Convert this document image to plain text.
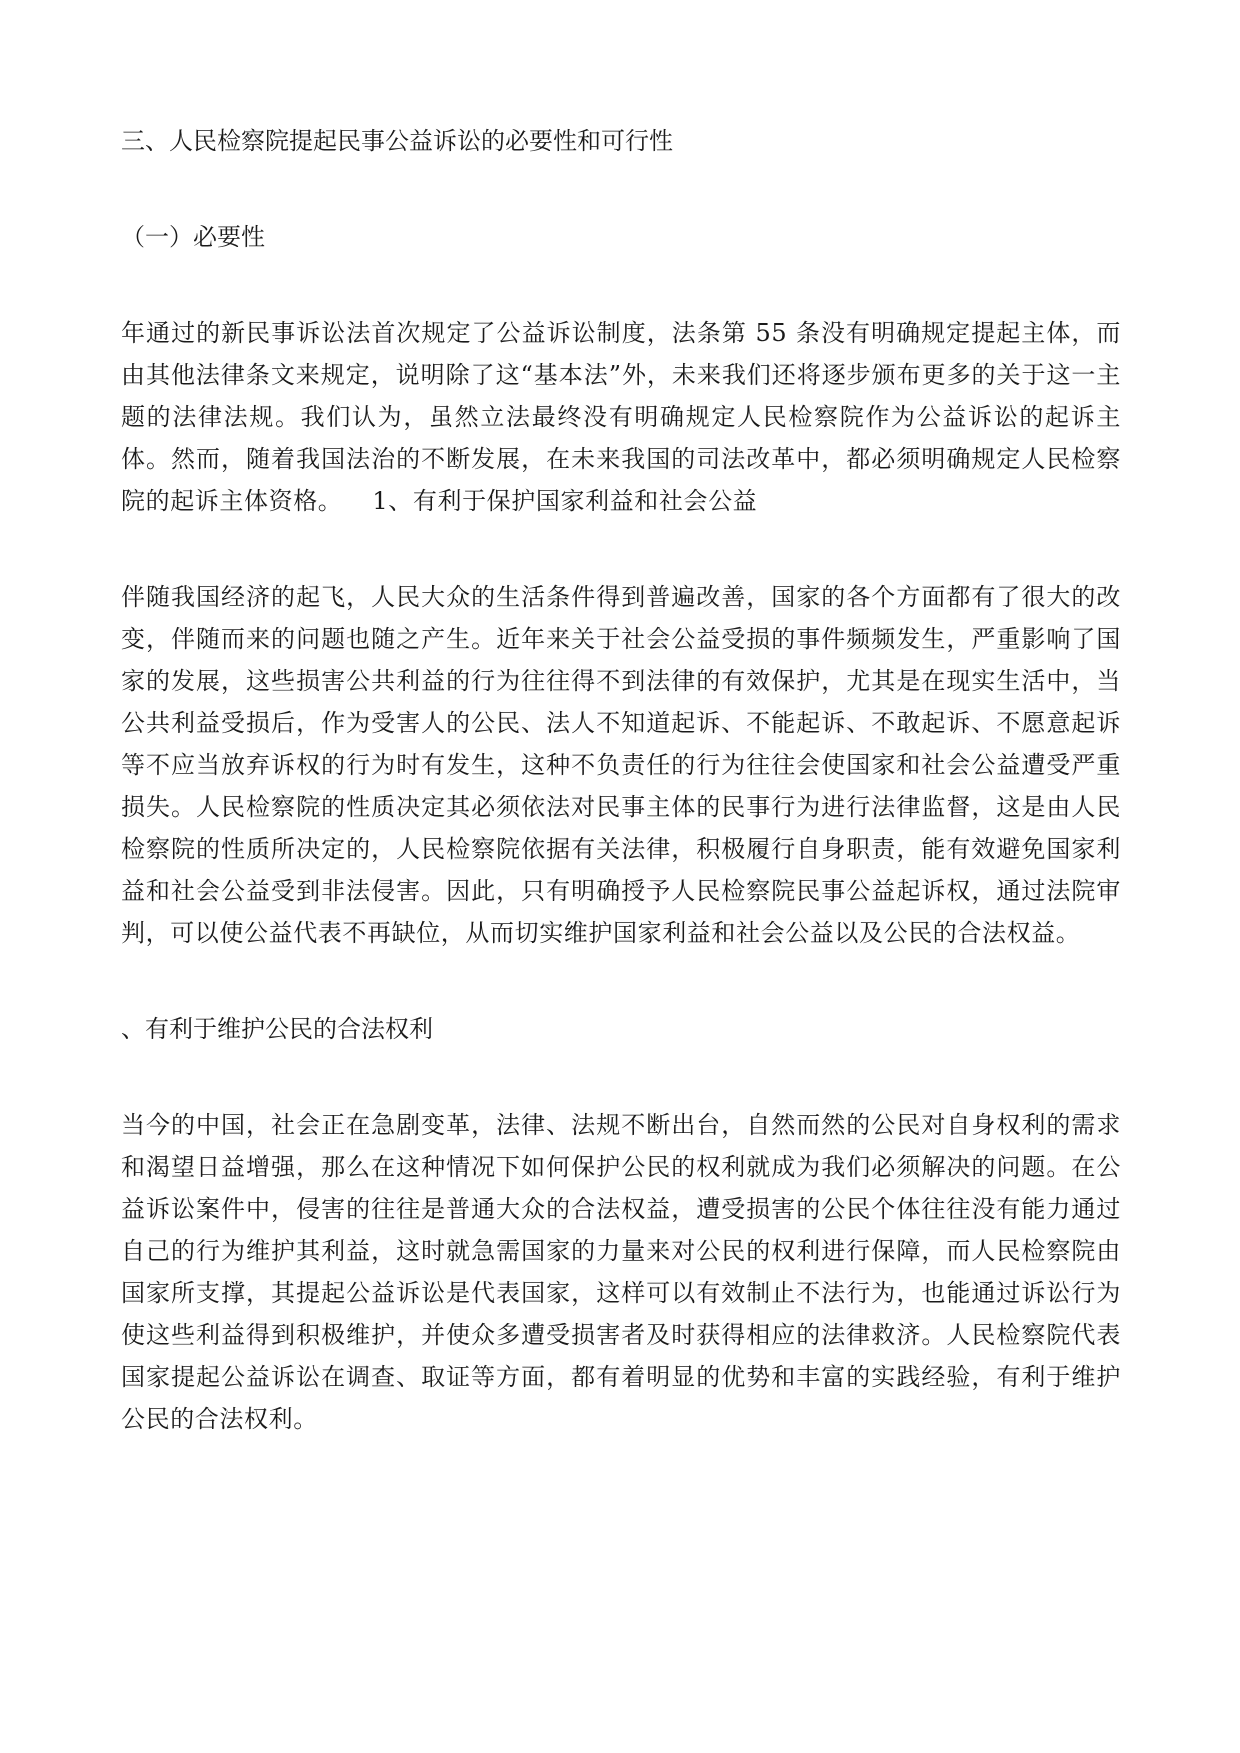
三、人民检察院提起民事公益诉讼的必要性和可行性

（一）必要性

年通过的新民事诉讼法首次规定了公益诉讼制度，法条第 55 条没有明确规定提起主体，而由其他法律条文来规定，说明除了这“基本法”外，未来我们还将逐步颁布更多的关于这一主题的法律法规。我们认为，虽然立法最终没有明确规定人民检察院作为公益诉讼的起诉主体。然而，随着我国法治的不断发展，在未来我国的司法改革中，都必须明确规定人民检察院的起诉主体资格。 1、有利于保护国家利益和社会公益

伴随我国经济的起飞，人民大众的生活条件得到普遍改善，国家的各个方面都有了很大的改变，伴随而来的问题也随之产生。近年来关于社会公益受损的事件频频发生，严重影响了国家的发展，这些损害公共利益的行为往往得不到法律的有效保护，尤其是在现实生活中，当公共利益受损后，作为受害人的公民、法人不知道起诉、不能起诉、不敢起诉、不愿意起诉等不应当放弃诉权的行为时有发生，这种不负责任的行为往往会使国家和社会公益遭受严重损失。人民检察院的性质决定其必须依法对民事主体的民事行为进行法律监督，这是由人民检察院的性质所决定的，人民检察院依据有关法律，积极履行自身职责，能有效避免国家利益和社会公益受到非法侵害。因此，只有明确授予人民检察院民事公益起诉权，通过法院审判，可以使公益代表不再缺位，从而切实维护国家利益和社会公益以及公民的合法权益。

、有利于维护公民的合法权利

当今的中国，社会正在急剧变革，法律、法规不断出台，自然而然的公民对自身权利的需求和渴望日益增强，那么在这种情况下如何保护公民的权利就成为我们必须解决的问题。在公益诉讼案件中，侵害的往往是普通大众的合法权益，遭受损害的公民个体往往没有能力通过自己的行为维护其利益，这时就急需国家的力量来对公民的权利进行保障，而人民检察院由国家所支撑，其提起公益诉讼是代表国家，这样可以有效制止不法行为，也能通过诉讼行为使这些利益得到积极维护，并使众多遭受损害者及时获得相应的法律救济。人民检察院代表国家提起公益诉讼在调查、取证等方面，都有着明显的优势和丰富的实践经验，有利于维护公民的合法权利。
